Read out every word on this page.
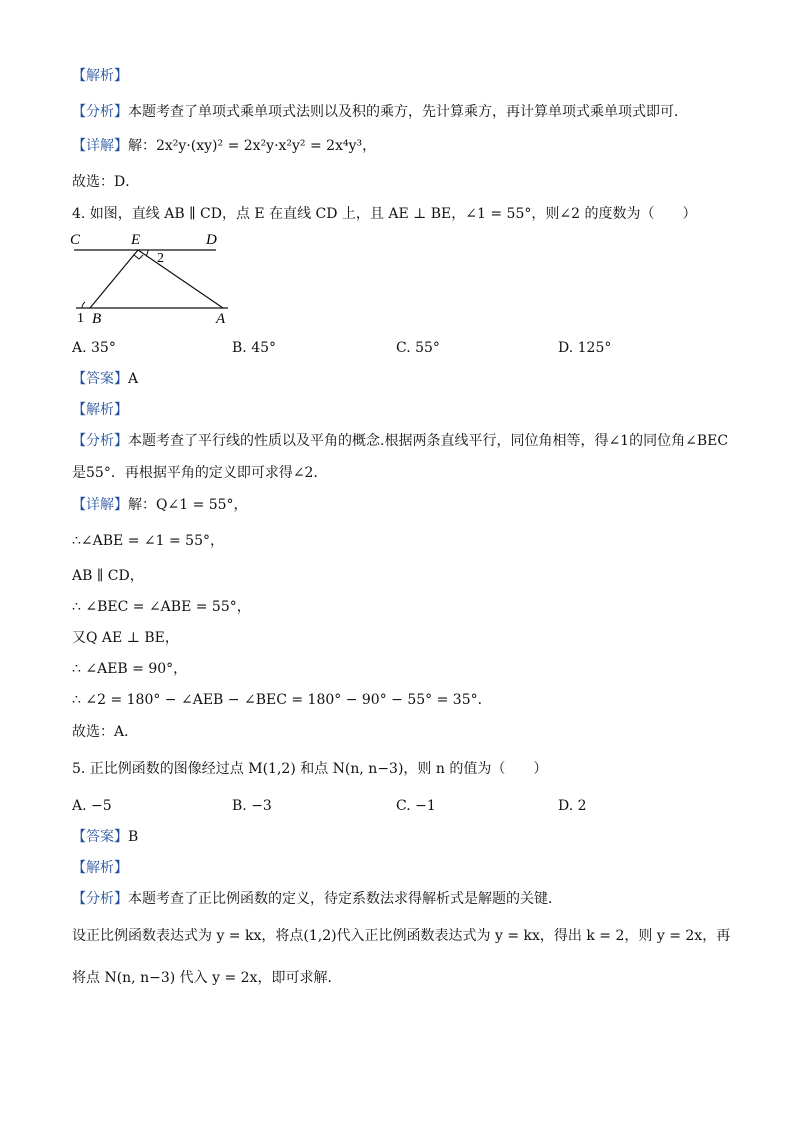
【解析】
【分析】本题考查了单项式乘单项式法则以及积的乘方，先计算乘方，再计算单项式乘单项式即可．
【详解】解：2x²y·(xy)² = 2x²y·x²y² = 2x⁴y³，
故选：D．
4. 如图，直线 AB ∥ CD，点 E 在直线 CD 上，且 AE ⊥ BE，∠1 = 55°，则∠2 的度数为（　　）
C	E	D
2
1 B	A
A. 35°	B. 45°	C. 55°	D. 125°
【答案】A
【解析】
【分析】本题考查了平行线的性质以及平角的概念.根据两条直线平行，同位角相等，得∠1的同位角∠BEC
是55°．再根据平角的定义即可求得∠2．
【详解】解：Q∠1 = 55°，
∴∠ABE = ∠1 = 55°，
AB ∥ CD，
∴ ∠BEC = ∠ABE = 55°，
又Q AE ⊥ BE，
∴ ∠AEB = 90°，
∴ ∠2 = 180° − ∠AEB − ∠BEC = 180° − 90° − 55° = 35°．
故选：A．
5. 正比例函数的图像经过点 M(1,2) 和点 N(n, n−3)，则 n 的值为（　　）
A. −5	B. −3	C. −1	D. 2
【答案】B
【解析】
【分析】本题考查了正比例函数的定义，待定系数法求得解析式是解题的关键．
设正比例函数表达式为 y = kx，将点(1,2)代入正比例函数表达式为 y = kx，得出 k = 2，则 y = 2x，再
将点 N(n, n−3) 代入 y = 2x，即可求解．
